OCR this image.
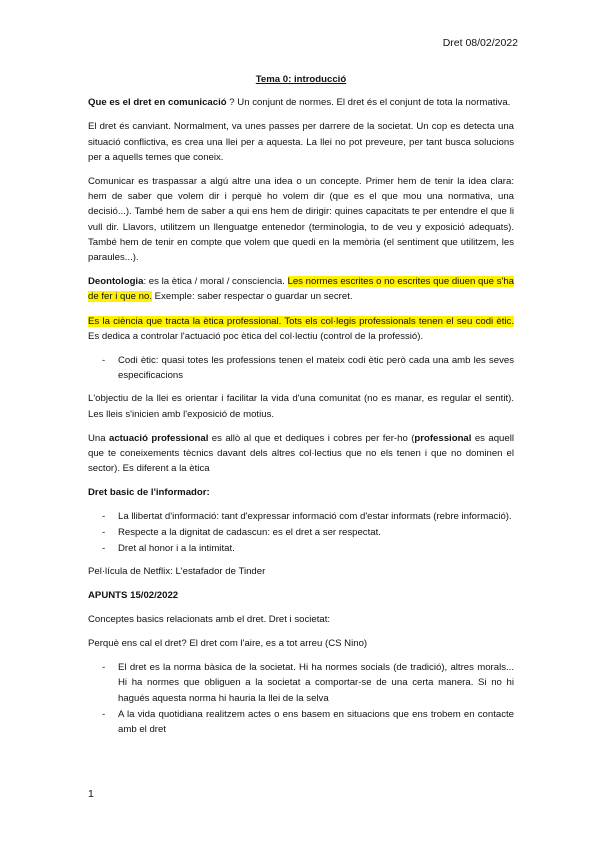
Dret 08/02/2022
Tema 0: introducció

Que es el dret en comunicació ? Un conjunt de normes. El dret és el conjunt de tota la normativa.

El dret és canviant. Normalment, va unes passes per darrere de la societat. Un cop es detecta una situació conflictiva, es crea una llei per a aquesta. La llei no pot preveure, per tant busca solucions per a aquells temes que coneix.

Comunicar es traspassar a algú altre una idea o un concepte. Primer hem de tenir la idea clara: hem de saber que volem dir i perquè ho volem dir (que es el que mou una normativa, una decisió...). També hem de saber a qui ens hem de dirigir: quines capacitats te per entendre el que li vull dir. Llavors, utilitzem un llenguatge entenedor (terminologia, to de veu y exposició adequats). També hem de tenir en compte que volem que quedi en la memòria (el sentiment que utilitzem, les paraules...).

Deontologia: es la ètica / moral / consciencia. Les normes escrites o no escrites que diuen que s'ha de fer i que no. Exemple: saber respectar o guardar un secret.

Es la ciència que tracta la ètica professional. Tots els col·legis professionals tenen el seu codi ètic. Es dedica a controlar l'actuació poc ètica del col·lectiu (control de la professió).

- Codi ètic: quasi totes les professions tenen el mateix codi ètic però cada una amb les seves especificacions

L'objectiu de la llei es orientar i facilitar la vida d'una comunitat (no es manar, es regular el sentit). Les lleis s'inicien amb l'exposició de motius.

Una actuació professional es allò al que et dediques i cobres per fer-ho (professional es aquell que te coneixements tècnics davant dels altres col·lectius que no els tenen i que no dominen el sector). Es diferent a la ètica

Dret basic de l'informador:
- La llibertat d'informació: tant d'expressar informació com d'estar informats (rebre informació).
- Respecte a la dignitat de cadascun: es el dret a ser respectat.
- Dret al honor i a la intimitat.

Pel·lícula de Netflix: L'estafador de Tinder

APUNTS 15/02/2022

Conceptes basics relacionats amb el dret. Dret i societat:

Perquè ens cal el dret? El dret com l'aire, es a tot arreu (CS Nino)

- El dret es la norma bàsica de la societat. Hi ha normes socials (de tradició), altres morals... Hi ha normes que obliguen a la societat a comportar-se de una certa manera. Si no hi hagués aquesta norma hi hauria la llei de la selva
- A la vida quotidiana realitzem actes o ens basem en situacions que ens trobem en contacte amb el dret
1
